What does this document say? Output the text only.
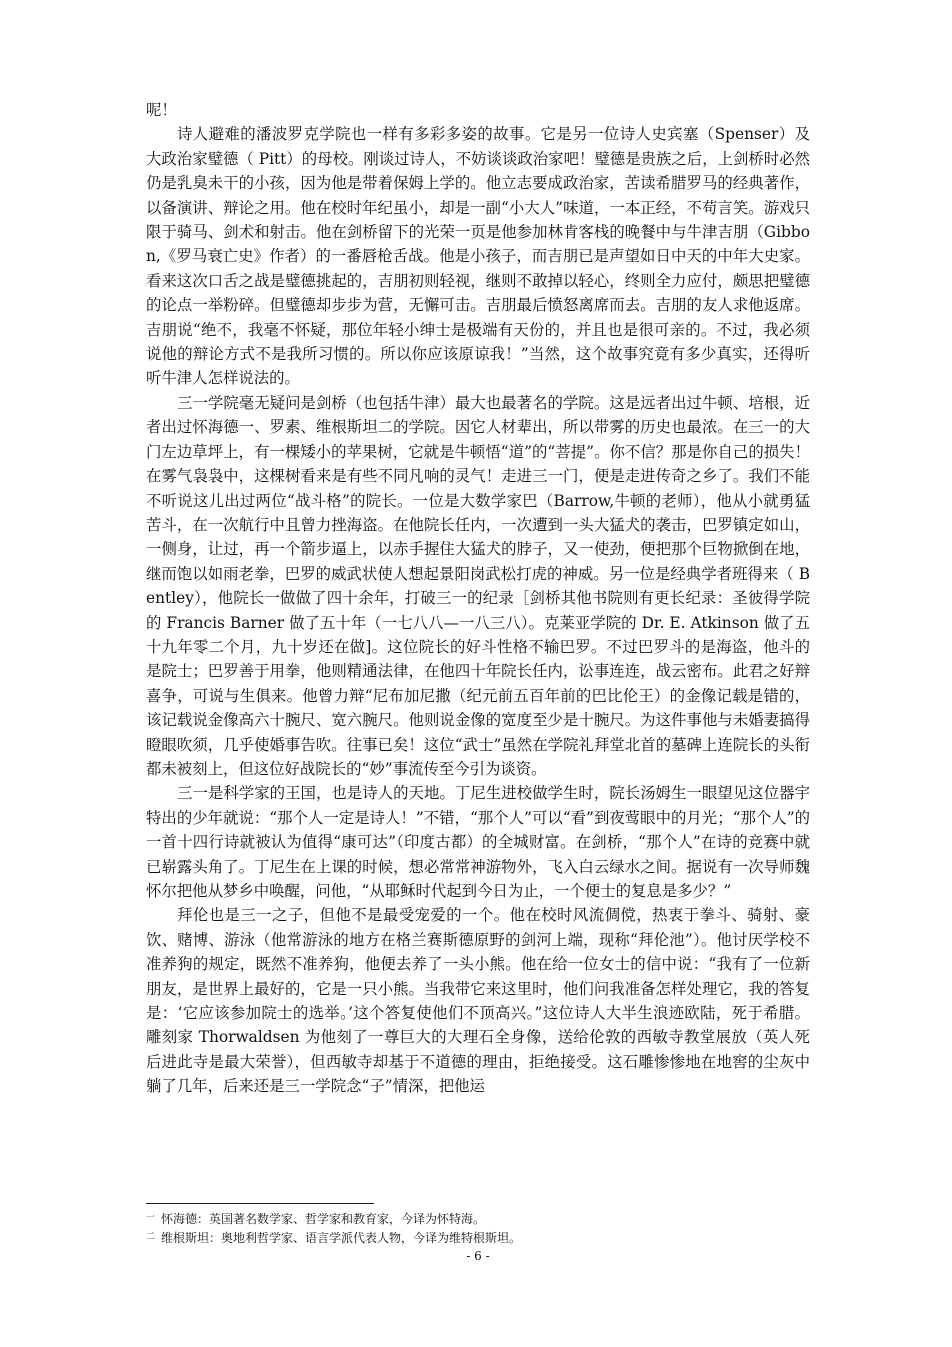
呢！

诗人避难的潘波罗克学院也一样有多彩多姿的故事。它是另一位诗人史宾塞（Spenser）及大政治家璧德（ Pitt）的母校。刚谈过诗人，不妨谈谈政治家吧！璧德是贵族之后，上剑桥时必然仍是乳臭未干的小孩，因为他是带着保姆上学的。他立志要成政治家，苦读希腊罗马的经典著作，以备演讲、辩论之用。他在校时年纪虽小，却是一副“小大人”味道，一本正经，不苟言笑。游戏只限于骑马、剑术和射击。他在剑桥留下的光荣一页是他参加林肯客栈的晚餐中与牛津吉朋（Gibbon,《罗马衰亡史》作者）的一番唇枪舌战。他是小孩子，而吉朋已是声望如日中天的中年大史家。看来这次口舌之战是璧德挑起的，吉朋初则轻视，继则不敢掉以轻心，终则全力应付，颇思把璧德的论点一举粉碎。但璧德却步步为营，无懈可击。吉朋最后愤怒离席而去。吉朋的友人求他返席。吉朋说“绝不，我毫不怀疑，那位年轻小绅士是极端有天份的，并且也是很可亲的。不过，我必须说他的辩论方式不是我所习惯的。所以你应该原谅我！”当然，这个故事究竟有多少真实，还得听听牛津人怎样说法的。

三一学院毫无疑问是剑桥（也包括牛津）最大也最著名的学院。这是远者出过牛顿、培根，近者出过怀海德一、罗素、维根斯坦二的学院。因它人材辈出，所以带雾的历史也最浓。在三一的大门左边草坪上，有一棵矮小的苹果树，它就是牛顿悟“道”的“菩提”。你不信？那是你自己的损失！在雾气袅袅中，这棵树看来是有些不同凡响的灵气！走进三一门，便是走进传奇之乡了。我们不能不听说这儿出过两位“战斗格”的院长。一位是大数学家巴（Barrow,牛顿的老师），他从小就勇猛苦斗，在一次航行中且曾力挫海盗。在他院长任内，一次遭到一头大猛犬的袭击，巴罗镇定如山，一侧身，让过，再一个箭步逼上，以赤手握住大猛犬的脖子，又一使劲，便把那个巨物掀倒在地，继而饱以如雨老拳，巴罗的威武状使人想起景阳岗武松打虎的神威。另一位是经典学者班得来（ Bentley），他院长一做做了四十余年，打破三一的纪录［剑桥其他书院则有更长纪录：圣彼得学院的 Francis Barner 做了五十年（一七八八—一八三八）。克莱亚学院的 Dr. E. Atkinson 做了五十九年零二个月，九十岁还在做]。这位院长的好斗性格不输巴罗。不过巴罗斗的是海盗，他斗的是院士；巴罗善于用拳，他则精通法律，在他四十年院长任内，讼事连连，战云密布。此君之好辩喜争，可说与生俱来。他曾力辩“尼布加尼撒（纪元前五百年前的巴比伦王）的金像记载是错的，该记载说金像高六十腕尺、宽六腕尺。他则说金像的宽度至少是十腕尺。为这件事他与未婚妻搞得瞪眼吹须，几乎使婚事告吹。往事已矣！这位“武士”虽然在学院礼拜堂北首的墓碑上连院长的头衔都未被刻上，但这位好战院长的“妙”事流传至今引为谈资。

三一是科学家的王国，也是诗人的天地。丁尼生进校做学生时，院长汤姆生一眼望见这位器宇特出的少年就说：“那个人一定是诗人！”不错，“那个人”可以“看”到夜莺眼中的月光；“那个人”的一首十四行诗就被认为值得“康可达”（印度古都）的全城财富。在剑桥，“那个人”在诗的竞赛中就已崭露头角了。丁尼生在上课的时候，想必常常神游物外，飞入白云绿水之间。据说有一次导师魏怀尔把他从梦乡中唤醒，问他，“从耶稣时代起到今日为止，一个便士的复息是多少？”

拜伦也是三一之子，但他不是最受宠爱的一个。他在校时风流倜傥，热衷于拳斗、骑射、豪饮、赌博、游泳（他常游泳的地方在格兰赛斯德原野的剑河上端，现称“拜伦池”）。他讨厌学校不准养狗的规定，既然不准养狗，他便去养了一头小熊。他在给一位女士的信中说：“我有了一位新朋友，是世界上最好的，它是一只小熊。当我带它来这里时，他们问我准备怎样处理它，我的答复是：‘它应该参加院士的选举。’这个答复使他们不顶高兴。”这位诗人大半生浪迹欧陆，死于希腊。雕刻家 Thorwaldsen 为他刻了一尊巨大的大理石全身像，送给伦敦的西敏寺教堂展放（英人死后进此寺是最大荣誉），但西敏寺却基于不道德的理由，拒绝接受。这石雕惨惨地在地窖的尘灰中躺了几年，后来还是三一学院念“子”情深，把他运

一 怀海德：英国著名数学家、哲学家和教育家，今译为怀特海。
二 维根斯坦：奥地利哲学家、语言学派代表人物，今译为维特根斯坦。
- 6 -
